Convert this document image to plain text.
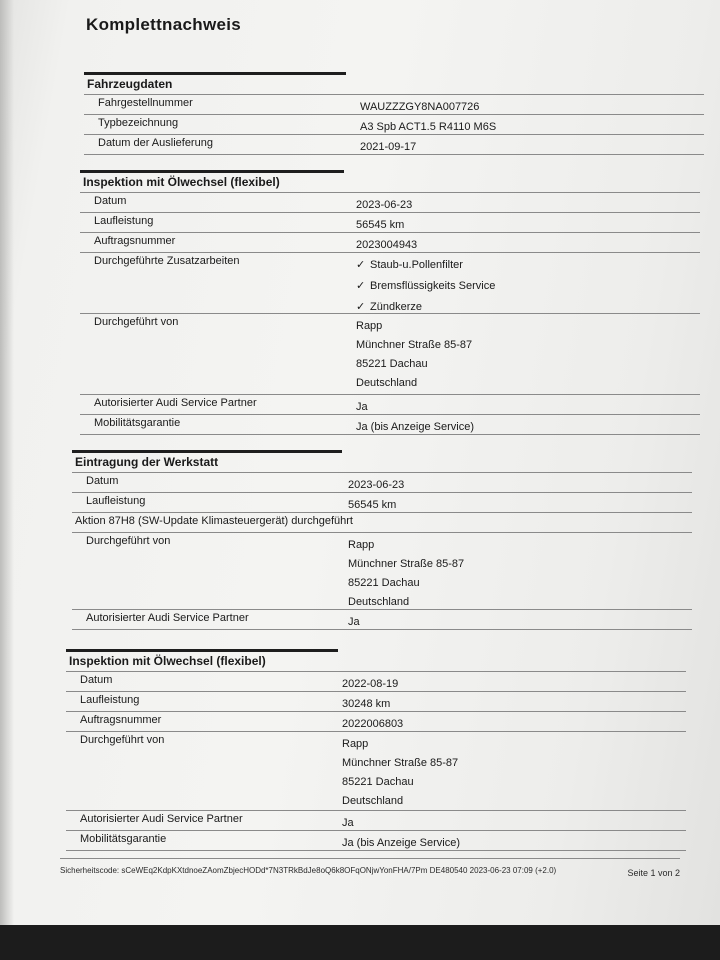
Komplettnachweis
Fahrzeugdaten
Fahrgestellnummer	WAUZZZGY8NA007726
Typbezeichnung	A3 Spb ACT1.5 R4110 M6S
Datum der Auslieferung	2021-09-17
Inspektion mit Ölwechsel (flexibel)
Datum	2023-06-23
Laufleistung	56545 km
Auftragsnummer	2023004943
Durchgeführte Zusatzarbeiten	✓ Staub-u.Pollenfilter
✓ Bremsflüssigkeits Service
✓ Zündkerze
Durchgeführt von	Rapp
Münchner Straße 85-87
85221 Dachau
Deutschland
Autorisierter Audi Service Partner	Ja
Mobilitätsgarantie	Ja (bis Anzeige Service)
Eintragung der Werkstatt
Datum	2023-06-23
Laufleistung	56545 km
Aktion 87H8 (SW-Update Klimasteuergerät) durchgeführt
Durchgeführt von	Rapp
Münchner Straße 85-87
85221 Dachau
Deutschland
Autorisierter Audi Service Partner	Ja
Inspektion mit Ölwechsel (flexibel)
Datum	2022-08-19
Laufleistung	30248 km
Auftragsnummer	2022006803
Durchgeführt von	Rapp
Münchner Straße 85-87
85221 Dachau
Deutschland
Autorisierter Audi Service Partner	Ja
Mobilitätsgarantie	Ja (bis Anzeige Service)
Sicherheitscode: sCeWEq2KdpKXtdnoeZAomZbjecHODd*7N3TRkBdJe8oQ6k8OFqONjwYonFHA/7Pm DE480540 2023-06-23 07:09 (+2.0)	Seite 1 von 2
